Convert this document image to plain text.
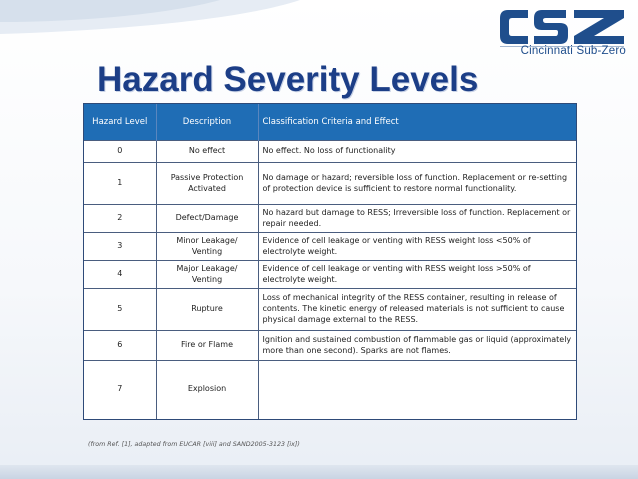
Cincinnati Sub-Zero
Hazard Severity Levels
Hazard Level	Description	Classification Criteria and Effect
0	No effect	No effect. No loss of functionality
1	Passive Protection Activated	No damage or hazard; reversible loss of function. Replacement or re-setting of protection device is sufficient to restore normal functionality.
2	Defect/Damage	No hazard but damage to RESS; Irreversible loss of function. Replacement or repair needed.
3	Minor Leakage/ Venting	Evidence of cell leakage or venting with RESS weight loss <50% of electrolyte weight.
4	Major Leakage/ Venting	Evidence of cell leakage or venting with RESS weight loss >50% of electrolyte weight.
5	Rupture	Loss of mechanical integrity of the RESS container, resulting in release of contents. The kinetic energy of released materials is not sufficient to cause physical damage external to the RESS.
6	Fire or Flame	Ignition and sustained combustion of flammable gas or liquid (approximately more than one second). Sparks are not flames.
7	Explosion	
(from Ref. [1], adapted from EUCAR [viii] and SAND2005-3123 [ix])
